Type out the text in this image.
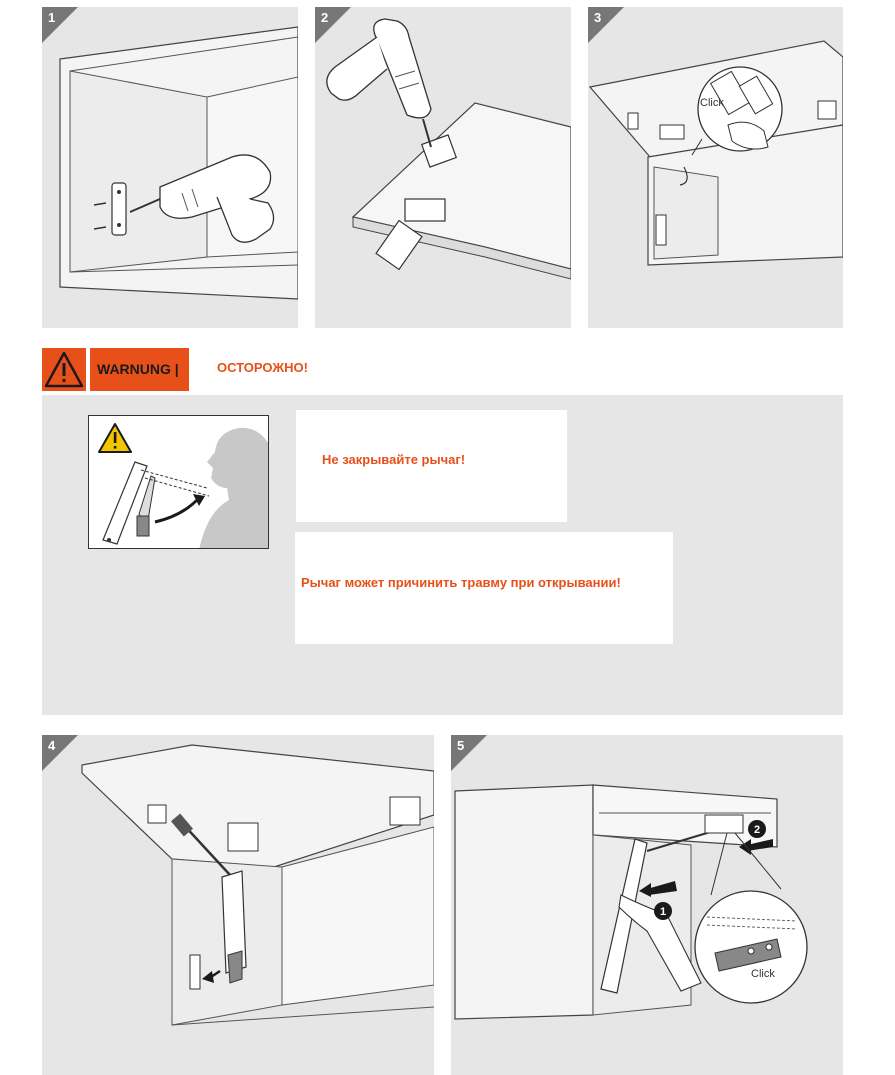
1	2
Click
3
WARNUNG |	ОСТОРОЖНО!
Не закрывайте рычаг!
Рычаг может причинить травму при открывании!
4
1
2
Click
5
